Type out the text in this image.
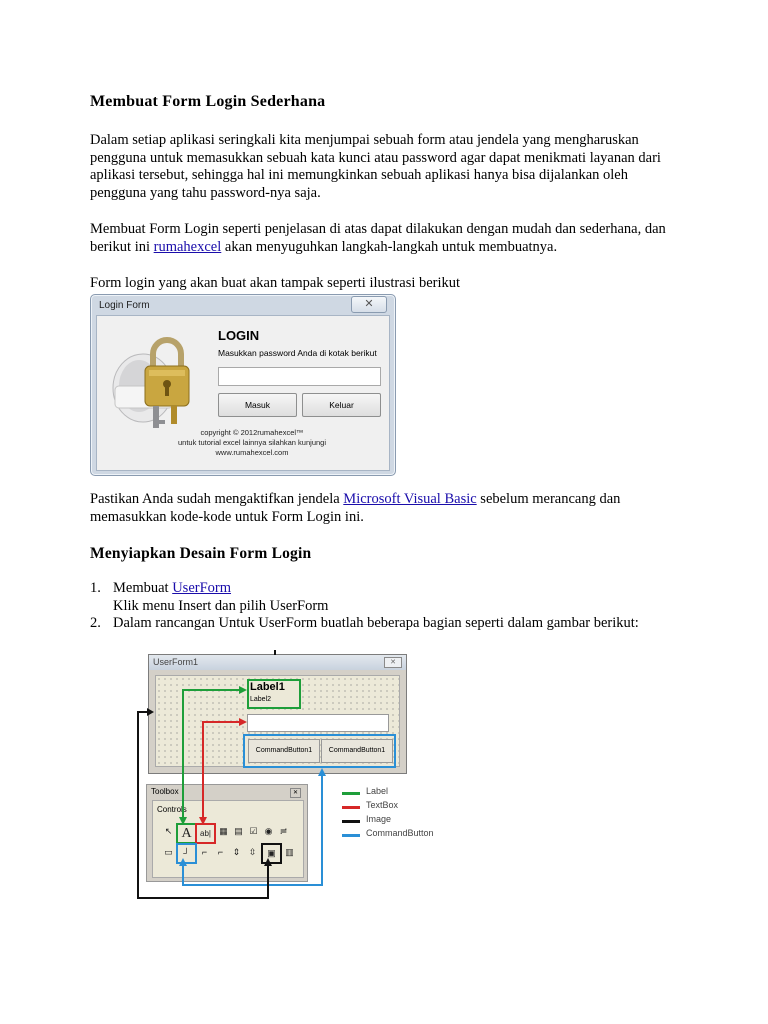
Membuat Form Login Sederhana

Dalam setiap aplikasi seringkali kita menjumpai sebuah form atau jendela yang mengharuskan pengguna untuk memasukkan sebuah kata kunci atau password agar dapat menikmati layanan dari aplikasi tersebut, sehingga hal ini memungkinkan sebuah aplikasi hanya bisa dijalankan oleh pengguna yang tahu password-nya saja.

Membuat Form Login seperti penjelasan di atas dapat dilakukan dengan mudah dan sederhana, dan berikut ini rumahexcel akan menyuguhkan langkah-langkah untuk membuatnya.

Form login yang akan buat akan tampak seperti ilustrasi berikut

Login Form	✕
LOGIN
Masukkan password Anda di kotak berikut
Masuk	Keluar
copyright © 2012rumahexcel™
untuk tutorial excel lainnya silahkan kunjungi
www.rumahexcel.com

Pastikan Anda sudah mengaktifkan jendela Microsoft Visual Basic sebelum merancang dan memasukkan kode-kode untuk Form Login ini.

Menyiapkan Desain Form Login
1. Membuat UserForm
Klik menu Insert dan pilih UserForm
2. Dalam rancangan Untuk UserForm buatlah beberapa bagian seperti dalam gambar berikut:
UserForm1	✕
Label1
Label2
CommandButton1	CommandButton1
Toolbox	✕
Controls
↖ A	ab| ▦ ▤ ☑ ◉ ≓
▭	┘	⌐	⌐	⇕ ⇳	▣	▥
Label
TextBox
Image
CommandButton
